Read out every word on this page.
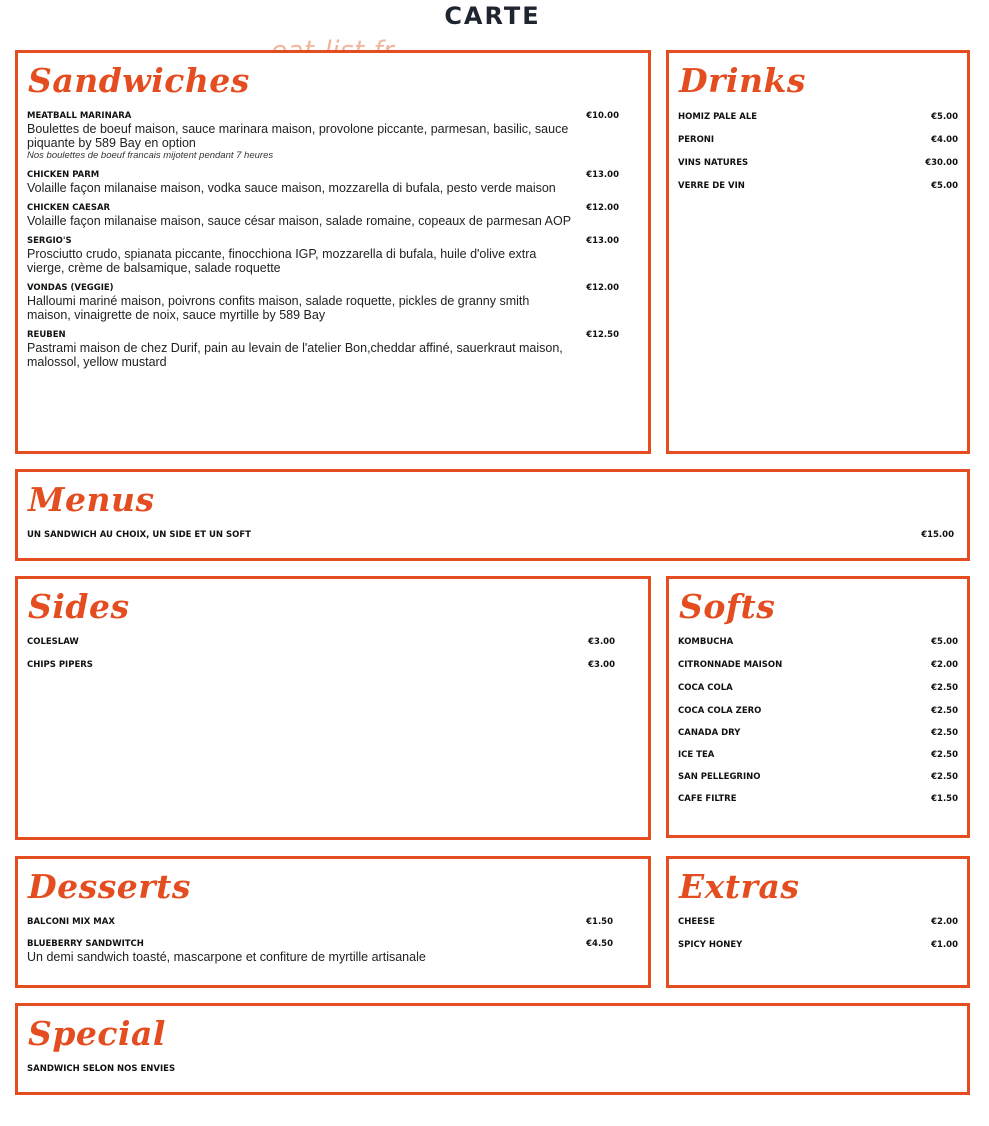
CARTE
Sandwiches
MEATBALL MARINARA	€10.00
Boulettes de boeuf maison, sauce marinara maison, provolone piccante, parmesan, basilic, sauce piquante by 589 Bay en option
Nos boulettes de boeuf francais mijotent pendant 7 heures
CHICKEN PARM	€13.00
Volaille façon milanaise maison, vodka sauce maison, mozzarella di bufala, pesto verde maison
CHICKEN CAESAR	€12.00
Volaille façon milanaise maison, sauce césar maison, salade romaine, copeaux de parmesan AOP
SERGIO'S	€13.00
Prosciutto crudo, spianata piccante, finocchiona IGP, mozzarella di bufala, huile d'olive extra vierge, crème de balsamique, salade roquette
VONDAS (VEGGIE)	€12.00
Halloumi mariné maison, poivrons confits maison, salade roquette, pickles de granny smith maison, vinaigrette de noix, sauce myrtille by 589 Bay
REUBEN	€12.50
Pastrami maison de chez Durif, pain au levain de l'atelier Bon,cheddar affiné, sauerkraut maison, malossol, yellow mustard
Drinks
HOMIZ PALE ALE	€5.00
PERONI	€4.00
VINS NATURES	€30.00
VERRE DE VIN	€5.00
Menus
UN SANDWICH AU CHOIX, UN SIDE ET UN SOFT	€15.00
Sides
COLESLAW	€3.00
CHIPS PIPERS	€3.00
Softs
KOMBUCHA	€5.00
CITRONNADE MAISON	€2.00
COCA COLA	€2.50
COCA COLA ZERO	€2.50
CANADA DRY	€2.50
ICE TEA	€2.50
SAN PELLEGRINO	€2.50
CAFE FILTRE	€1.50
Desserts
BALCONI MIX MAX	€1.50
BLUEBERRY SANDWITCH	€4.50
Un demi sandwich toasté, mascarpone et confiture de myrtille artisanale
Extras
CHEESE	€2.00
SPICY HONEY	€1.00
Special
SANDWICH SELON NOS ENVIES
